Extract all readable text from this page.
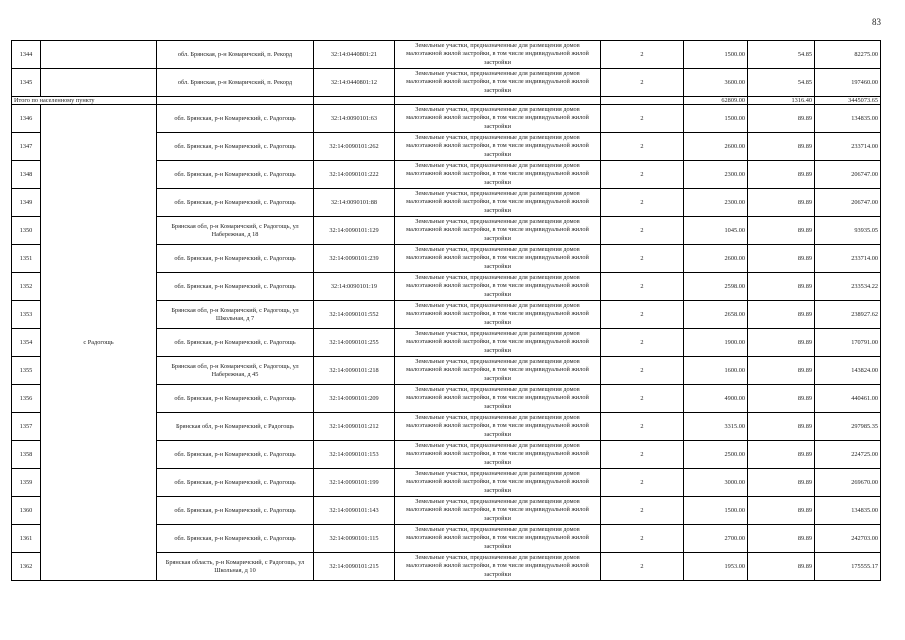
83
1344		обл. Брянская, р-н Комаричский, п. Рекорд	32:14:0440801:21	Земельные участки, предназначенные для размещения домов малоэтажной жилой застройки, в том числе индивидуальной жилой застройки	2	1500.00	54.85	82275.00
1345		обл. Брянская, р-н Комаричский, п. Рекорд	32:14:0440801:12	Земельные участки, предназначенные для размещения домов малоэтажной жилой застройки, в том числе индивидуальной жилой застройки	2	3600.00	54.85	197460.00
Итого по населенному пункту						62809.00	1316.40	3445073.65
1346	с Радогощь	обл. Брянская, р-н Комаричский, с. Радогощь	32:14:0090101:63	Земельные участки, предназначенные для размещения домов малоэтажной жилой застройки, в том числе индивидуальной жилой застройки	2	1500.00	89.89	134835.00
1347		обл. Брянская, р-н Комаричский, с. Радогощь	32:14:0090101:262	Земельные участки, предназначенные для размещения домов малоэтажной жилой застройки, в том числе индивидуальной жилой застройки	2	2600.00	89.89	233714.00
1348		обл. Брянская, р-н Комаричский, с. Радогощь	32:14:0090101:222	Земельные участки, предназначенные для размещения домов малоэтажной жилой застройки, в том числе индивидуальной жилой застройки	2	2300.00	89.89	206747.00
1349		обл. Брянская, р-н Комаричский, с. Радогощь	32:14:0090101:88	Земельные участки, предназначенные для размещения домов малоэтажной жилой застройки, в том числе индивидуальной жилой застройки	2	2300.00	89.89	206747.00
1350		Брянская обл, р-н Комаричский, с Радогощь, ул Набережная, д 18	32:14:0090101:129	Земельные участки, предназначенные для размещения домов малоэтажной жилой застройки, в том числе индивидуальной жилой застройки	2	1045.00	89.89	93935.05
1351		обл. Брянская, р-н Комаричский, с. Радогощь	32:14:0090101:239	Земельные участки, предназначенные для размещения домов малоэтажной жилой застройки, в том числе индивидуальной жилой застройки	2	2600.00	89.89	233714.00
1352		обл. Брянская, р-н Комаричский, с. Радогощь	32:14:0090101:19	Земельные участки, предназначенные для размещения домов малоэтажной жилой застройки, в том числе индивидуальной жилой застройки	2	2598.00	89.89	233534.22
1353		Брянская обл, р-н Комаричский, с Радогощь, ул Школьная, д 7	32:14:0090101:552	Земельные участки, предназначенные для размещения домов малоэтажной жилой застройки, в том числе индивидуальной жилой застройки	2	2658.00	89.89	238927.62
1354		обл. Брянская, р-н Комаричский, с. Радогощь	32:14:0090101:255	Земельные участки, предназначенные для размещения домов малоэтажной жилой застройки, в том числе индивидуальной жилой застройки	2	1900.00	89.89	170791.00
1355		Брянская обл, р-н Комаричский, с Радогощь, ул Набережная, д 45	32:14:0090101:218	Земельные участки, предназначенные для размещения домов малоэтажной жилой застройки, в том числе индивидуальной жилой застройки	2	1600.00	89.89	143824.00
1356		обл. Брянская, р-н Комаричский, с. Радогощь	32:14:0090101:209	Земельные участки, предназначенные для размещения домов малоэтажной жилой застройки, в том числе индивидуальной жилой застройки	2	4900.00	89.89	440461.00
1357		Брянская обл, р-н Комаричский, с Радогощь	32:14:0090101:212	Земельные участки, предназначенные для размещения домов малоэтажной жилой застройки, в том числе индивидуальной жилой застройки	2	3315.00	89.89	297985.35
1358		обл. Брянская, р-н Комаричский, с. Радогощь	32:14:0090101:153	Земельные участки, предназначенные для размещения домов малоэтажной жилой застройки, в том числе индивидуальной жилой застройки	2	2500.00	89.89	224725.00
1359		обл. Брянская, р-н Комаричский, с. Радогощь	32:14:0090101:199	Земельные участки, предназначенные для размещения домов малоэтажной жилой застройки, в том числе индивидуальной жилой застройки	2	3000.00	89.89	269670.00
1360		обл. Брянская, р-н Комаричский, с. Радогощь	32:14:0090101:143	Земельные участки, предназначенные для размещения домов малоэтажной жилой застройки, в том числе индивидуальной жилой застройки	2	1500.00	89.89	134835.00
1361		обл. Брянская, р-н Комаричский, с. Радогощь	32:14:0090101:115	Земельные участки, предназначенные для размещения домов малоэтажной жилой застройки, в том числе индивидуальной жилой застройки	2	2700.00	89.89	242703.00
1362		Брянская область, р-н Комаричский, с Радогощь, ул Школьная, д 10	32:14:0090101:215	Земельные участки, предназначенные для размещения домов малоэтажной жилой застройки, в том числе индивидуальной жилой застройки	2	1953.00	89.89	175555.17
